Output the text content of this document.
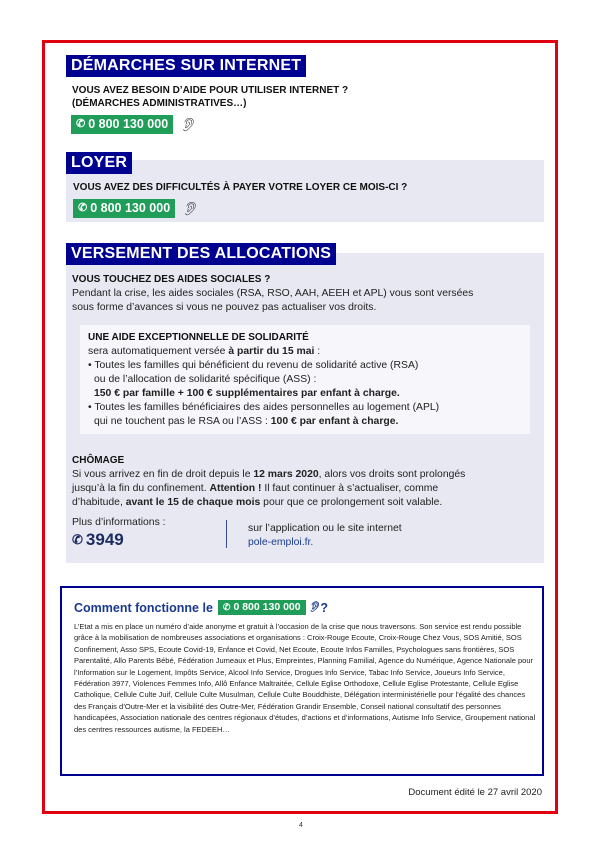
DÉMARCHES SUR INTERNET
VOUS AVEZ BESOIN D’AIDE POUR UTILISER INTERNET ?
(DÉMARCHES ADMINISTRATIVES…)
✆ 0 800 130 000 👂︎
LOYER
VOUS AVEZ DES DIFFICULTÉS À PAYER VOTRE LOYER CE MOIS-CI ?
✆ 0 800 130 000 👂︎
VERSEMENT DES ALLOCATIONS
VOUS TOUCHEZ DES AIDES SOCIALES ?
Pendant la crise, les aides sociales (RSA, RSO, AAH, AEEH et APL) vous sont versées
sous forme d’avances si vous ne pouvez pas actualiser vos droits.
UNE AIDE EXCEPTIONNELLE DE SOLIDARITÉ
sera automatiquement versée à partir du 15 mai :
• Toutes les familles qui bénéficient du revenu de solidarité active (RSA)
ou de l’allocation de solidarité spécifique (ASS) :
150 € par famille + 100 € supplémentaires par enfant à charge.
• Toutes les familles bénéficiaires des aides personnelles au logement (APL)
qui ne touchent pas le RSA ou l’ASS : 100 € par enfant à charge.
CHÔMAGE
Si vous arrivez en fin de droit depuis le 12 mars 2020, alors vos droits sont prolongés
jusqu’à la fin du confinement. Attention ! Il faut continuer à s’actualiser, comme
d’habitude, avant le 15 de chaque mois pour que ce prolongement soit valable.
Plus d’informations :
✆ 3949
sur l’application ou le site internet
pole-emploi.fr.
Comment fonctionne le ✆ 0 800 130 000 👂︎ ?
L’Etat a mis en place un numéro d’aide anonyme et gratuit à l’occasion de la crise que nous traversons. Son service est rendu possible grâce à la mobilisation de nombreuses associations et organisations : Croix-Rouge Ecoute, Croix-Rouge Chez Vous, SOS Amitié, SOS Confinement, Asso SPS, Ecoute Covid-19, Enfance et Covid, Net Ecoute, Ecoute Infos Familles, Psychologues sans frontières, SOS Parentalité, Allo Parents Bébé, Fédération Jumeaux et Plus, Empreintes, Planning Familial, Agence du Numérique, Agence Nationale pour l’Information sur le Logement, Impôts Service, Alcool Info Service, Drogues Info Service, Tabac Info Service, Joueurs Info Service, Fédération 3977, Violences Femmes Info, Allô Enfance Maltraitée, Cellule Eglise Orthodoxe, Cellule Eglise Protestante, Cellule Eglise Catholique, Cellule Culte Juif, Cellule Culte Musulman, Cellule Culte Bouddhiste, Délégation interministérielle pour l’égalité des chances des Français d’Outre-Mer et la visibilité des Outre-Mer, Fédération Grandir Ensemble, Conseil national consultatif des personnes handicapées, Association nationale des centres régionaux d’études, d’actions et d’informations, Autisme Info Service, Groupement national des centres ressources autisme, la FEDEEH…
Document édité le 27 avril 2020
4
